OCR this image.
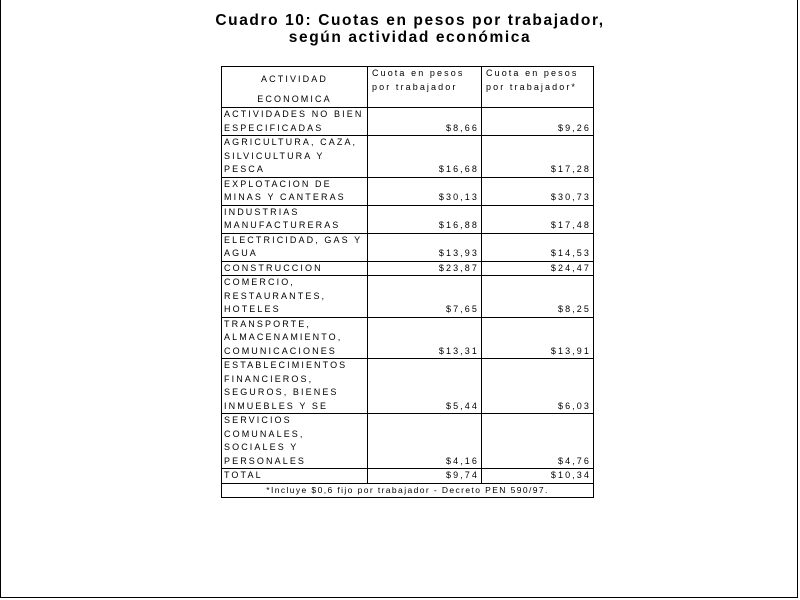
Cuadro 10: Cuotas en pesos por trabajador,
según actividad económica
ACTIVIDAD
ECONOMICA	Cuota en pesos por trabajador	Cuota en pesos por trabajador*
ACTIVIDADES NO BIEN ESPECIFICADAS	$8,66	$9,26
AGRICULTURA, CAZA, SILVICULTURA Y PESCA	$16,68	$17,28
EXPLOTACION DE MINAS Y CANTERAS	$30,13	$30,73
INDUSTRIAS MANUFACTURERAS	$16,88	$17,48
ELECTRICIDAD, GAS Y AGUA	$13,93	$14,53
CONSTRUCCION	$23,87	$24,47
COMERCIO, RESTAURANTES, HOTELES	$7,65	$8,25
TRANSPORTE, ALMACENAMIENTO, COMUNICACIONES	$13,31	$13,91
ESTABLECIMIENTOS FINANCIEROS, SEGUROS, BIENES INMUEBLES Y SE	$5,44	$6,03
SERVICIOS COMUNALES, SOCIALES Y PERSONALES	$4,16	$4,76
TOTAL	$9,74	$10,34
*Incluye $0,6 fijo por trabajador - Decreto PEN 590/97.		
